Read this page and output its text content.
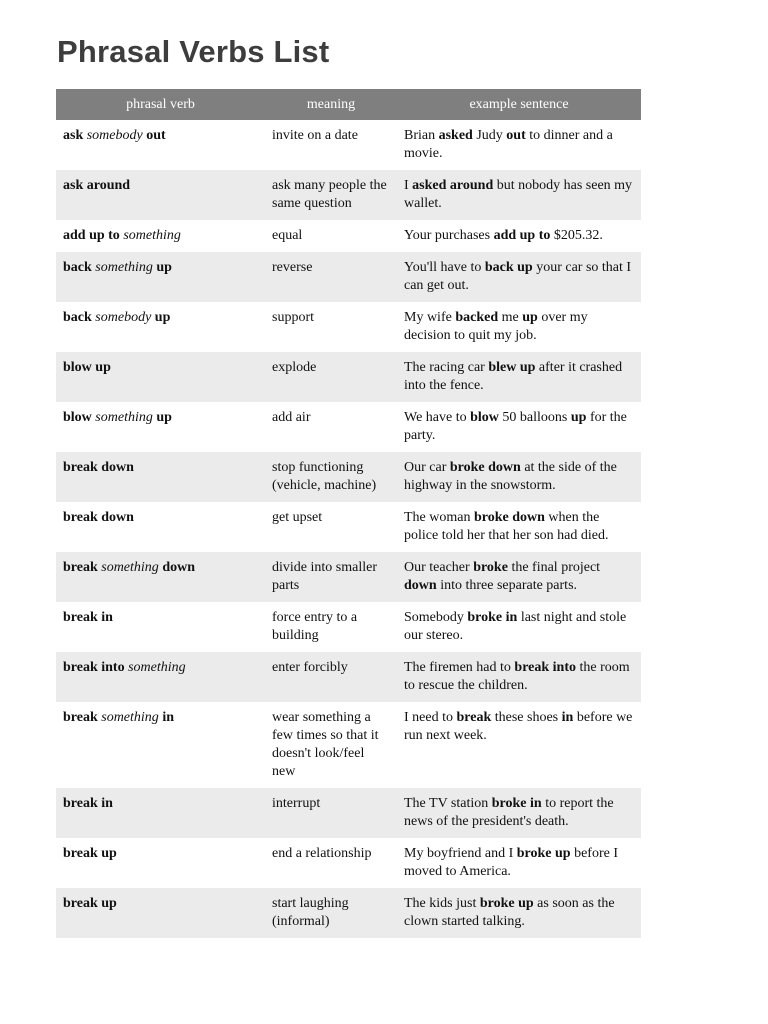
Phrasal Verbs List
phrasal verb	meaning	example sentence
ask somebody out	invite on a date	Brian asked Judy out to dinner and a movie.
ask around	ask many people the same question	I asked around but nobody has seen my wallet.
add up to something	equal	Your purchases add up to $205.32.
back something up	reverse	You'll have to back up your car so that I can get out.
back somebody up	support	My wife backed me up over my decision to quit my job.
blow up	explode	The racing car blew up after it crashed into the fence.
blow something up	add air	We have to blow 50 balloons up for the party.
break down	stop functioning (vehicle, machine)	Our car broke down at the side of the highway in the snowstorm.
break down	get upset	The woman broke down when the police told her that her son had died.
break something down	divide into smaller parts	Our teacher broke the final project down into three separate parts.
break in	force entry to a building	Somebody broke in last night and stole our stereo.
break into something	enter forcibly	The firemen had to break into the room to rescue the children.
break something in	wear something a few times so that it doesn't look/feel new	I need to break these shoes in before we run next week.
break in	interrupt	The TV station broke in to report the news of the president's death.
break up	end a relationship	My boyfriend and I broke up before I moved to America.
break up	start laughing (informal)	The kids just broke up as soon as the clown started talking.
